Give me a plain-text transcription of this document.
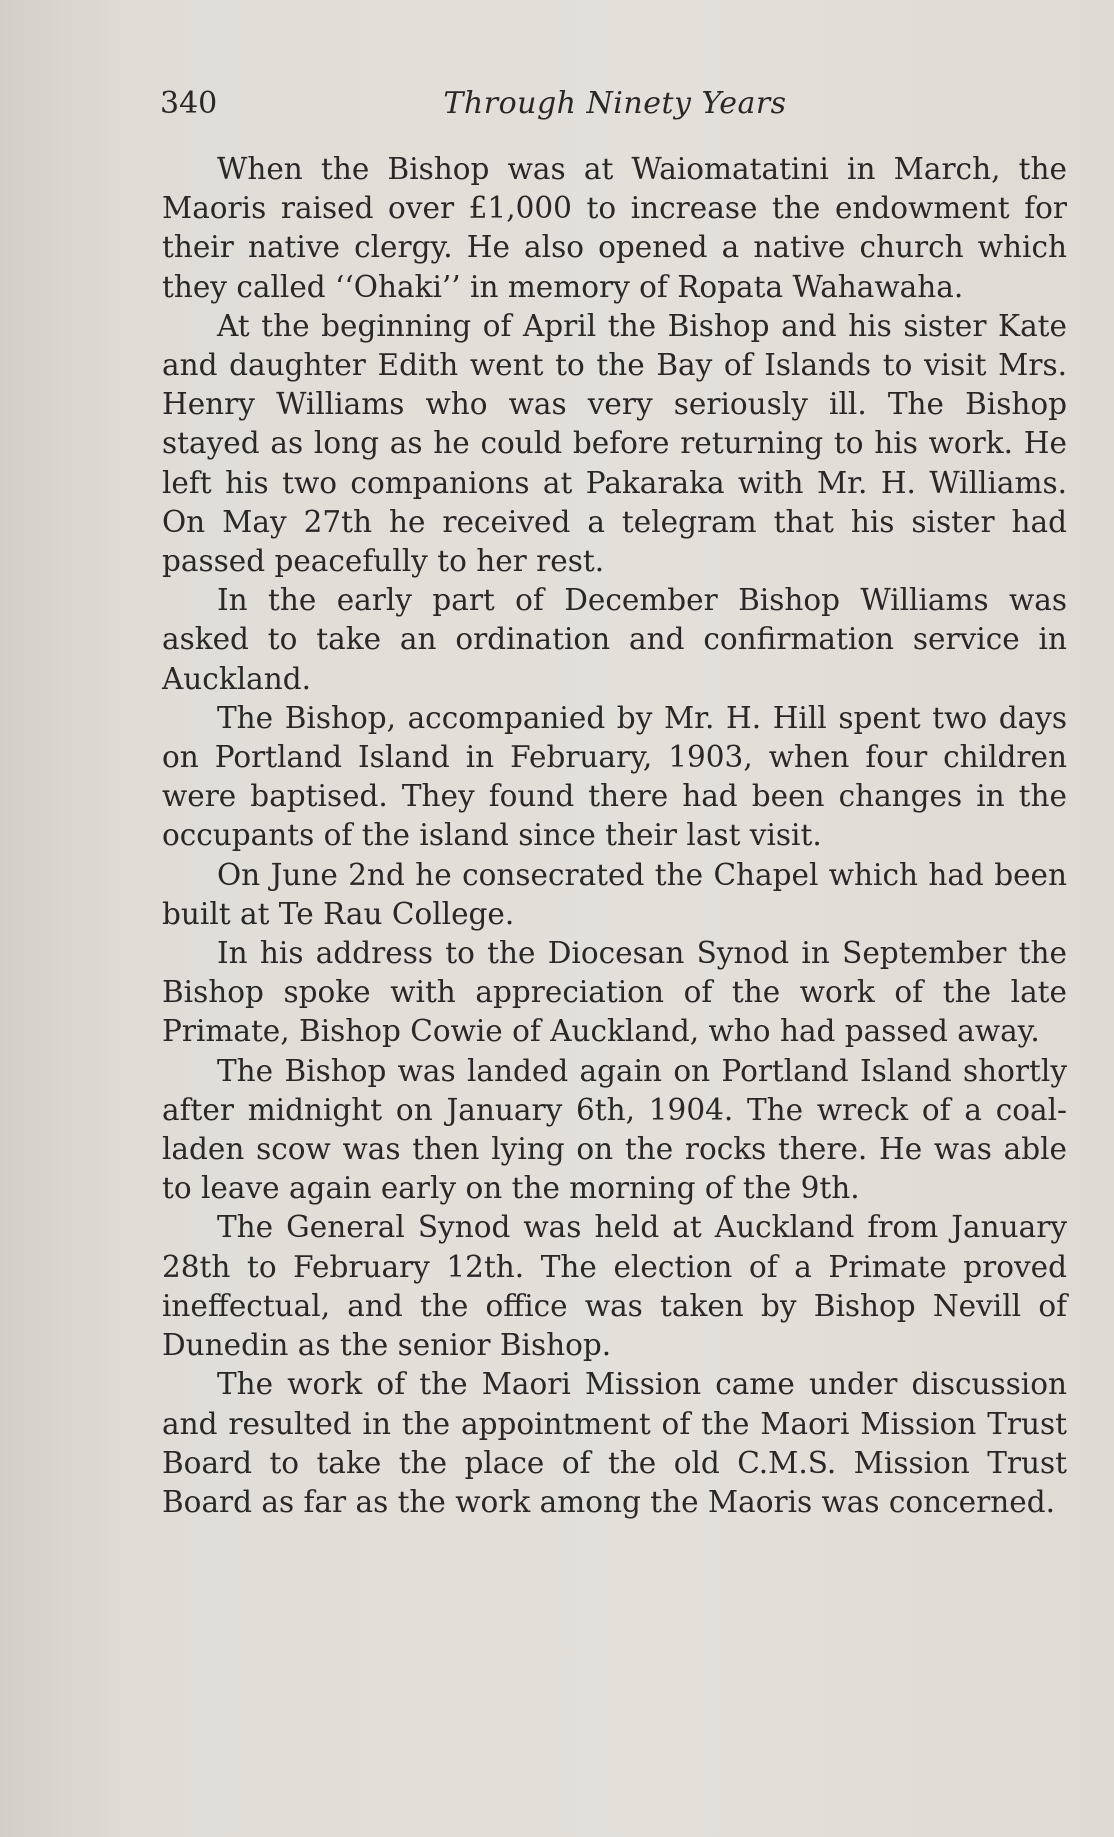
340	Through Ninety Years

When the Bishop was at Waiomatatini in March, the Maoris raised over £1,000 to increase the endowment for their native clergy. He also opened a native church which they called ‘‘Ohaki’’ in memory of Ropata Wahawaha.

At the beginning of April the Bishop and his sister Kate and daughter Edith went to the Bay of Islands to visit Mrs. Henry Williams who was very seriously ill. The Bishop stayed as long as he could before returning to his work. He left his two companions at Pakaraka with Mr. H. Williams. On May 27th he received a telegram that his sister had passed peacefully to her rest.

In the early part of December Bishop Williams was asked to take an ordination and confirmation service in Auckland.

The Bishop, accompanied by Mr. H. Hill spent two days on Portland Island in February, 1903, when four children were baptised. They found there had been changes in the occupants of the island since their last visit.

On June 2nd he consecrated the Chapel which had been built at Te Rau College.

In his address to the Diocesan Synod in September the Bishop spoke with appreciation of the work of the late Primate, Bishop Cowie of Auckland, who had passed away.

The Bishop was landed again on Portland Island shortly after midnight on January 6th, 1904. The wreck of a coal-laden scow was then lying on the rocks there. He was able to leave again early on the morning of the 9th.

The General Synod was held at Auckland from January 28th to February 12th. The election of a Primate proved ineffectual, and the office was taken by Bishop Nevill of Dunedin as the senior Bishop.

The work of the Maori Mission came under discussion and resulted in the appointment of the Maori Mission Trust Board to take the place of the old C.M.S. Mission Trust Board as far as the work among the Maoris was concerned.
